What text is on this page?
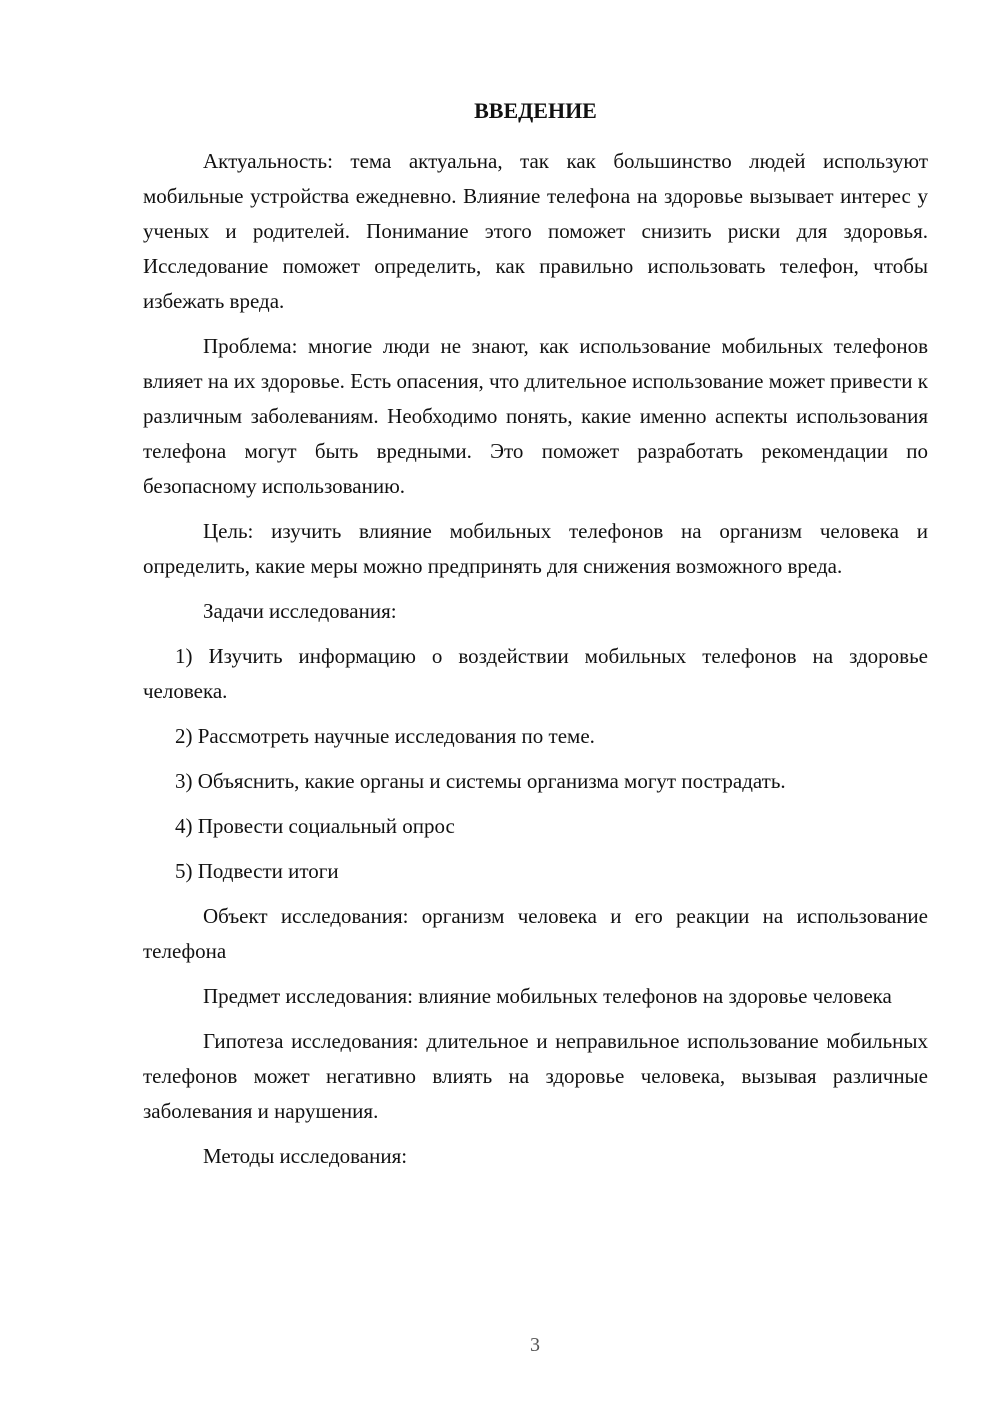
ВВЕДЕНИЕ

Актуальность: тема актуальна, так как большинство людей используют мобильные устройства ежедневно. Влияние телефона на здоровье вызывает интерес у ученых и родителей. Понимание этого поможет снизить риски для здоровья. Исследование поможет определить, как правильно использовать телефон, чтобы избежать вреда.

Проблема: многие люди не знают, как использование мобильных телефонов влияет на их здоровье. Есть опасения, что длительное использование может привести к различным заболеваниям. Необходимо понять, какие именно аспекты использования телефона могут быть вредными. Это поможет разработать рекомендации по безопасному использованию.

Цель: изучить влияние мобильных телефонов на организм человека и определить, какие меры можно предпринять для снижения возможного вреда.

Задачи исследования:

1) Изучить информацию о воздействии мобильных телефонов на здоровье человека.

2) Рассмотреть научные исследования по теме.

3) Объяснить, какие органы и системы организма могут пострадать.

4) Провести социальный опрос

5) Подвести итоги

Объект исследования: организм человека и его реакции на использование телефона

Предмет исследования: влияние мобильных телефонов на здоровье человека

Гипотеза исследования: длительное и неправильное использование мобильных телефонов может негативно влиять на здоровье человека, вызывая различные заболевания и нарушения.

Методы исследования:

3
